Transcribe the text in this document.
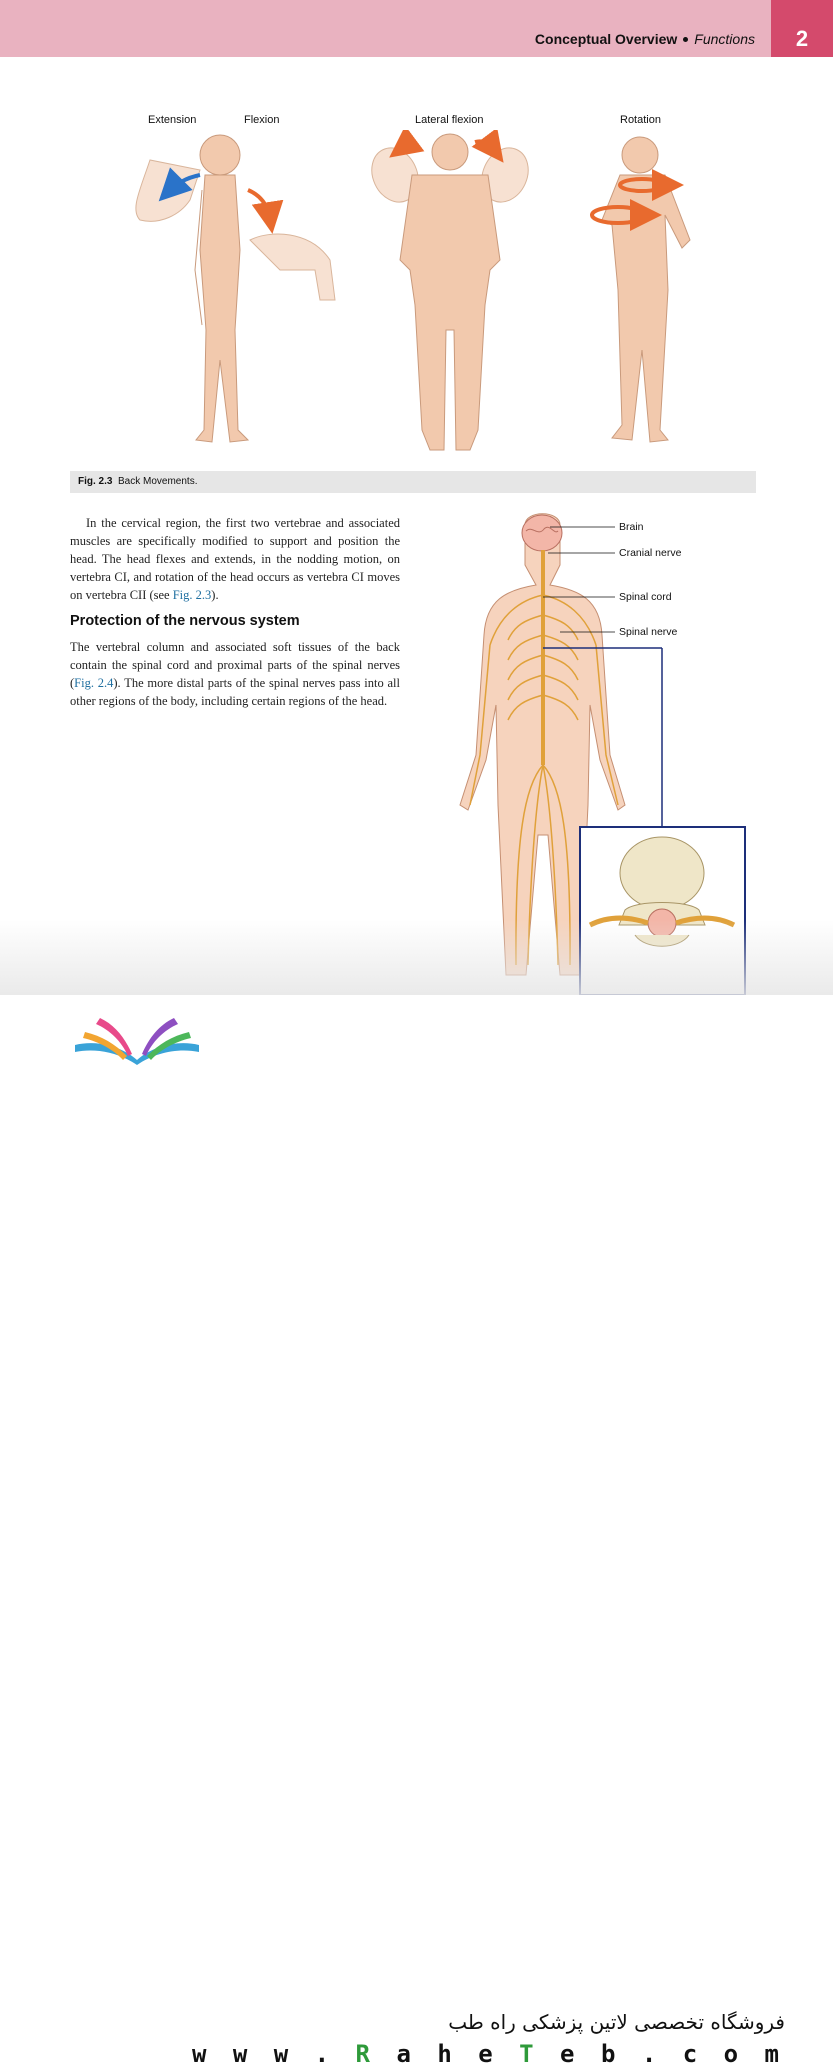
Conceptual Overview Functions	2
Extension	Flexion	Lateral flexion	Rotation
Fig. 2.3 Back Movements.

In the cervical region, the first two vertebrae and associated muscles are specifically modified to support and position the head. The head flexes and extends, in the nodding motion, on vertebra CI, and rotation of the head occurs as vertebra CI moves on vertebra CII (see Fig. 2.3).

Protection of the nervous system

The vertebral column and associated soft tissues of the back contain the spinal cord and proximal parts of the spinal nerves (Fig. 2.4). The more distal parts of the spinal nerves pass into all other regions of the body, including certain regions of the head.

Brain
Cranial nerve
Spinal cord
Spinal nerve
فروشگاه تخصصی لاتین پزشکی راه طب
w w w . R a h e T e b . c o m
